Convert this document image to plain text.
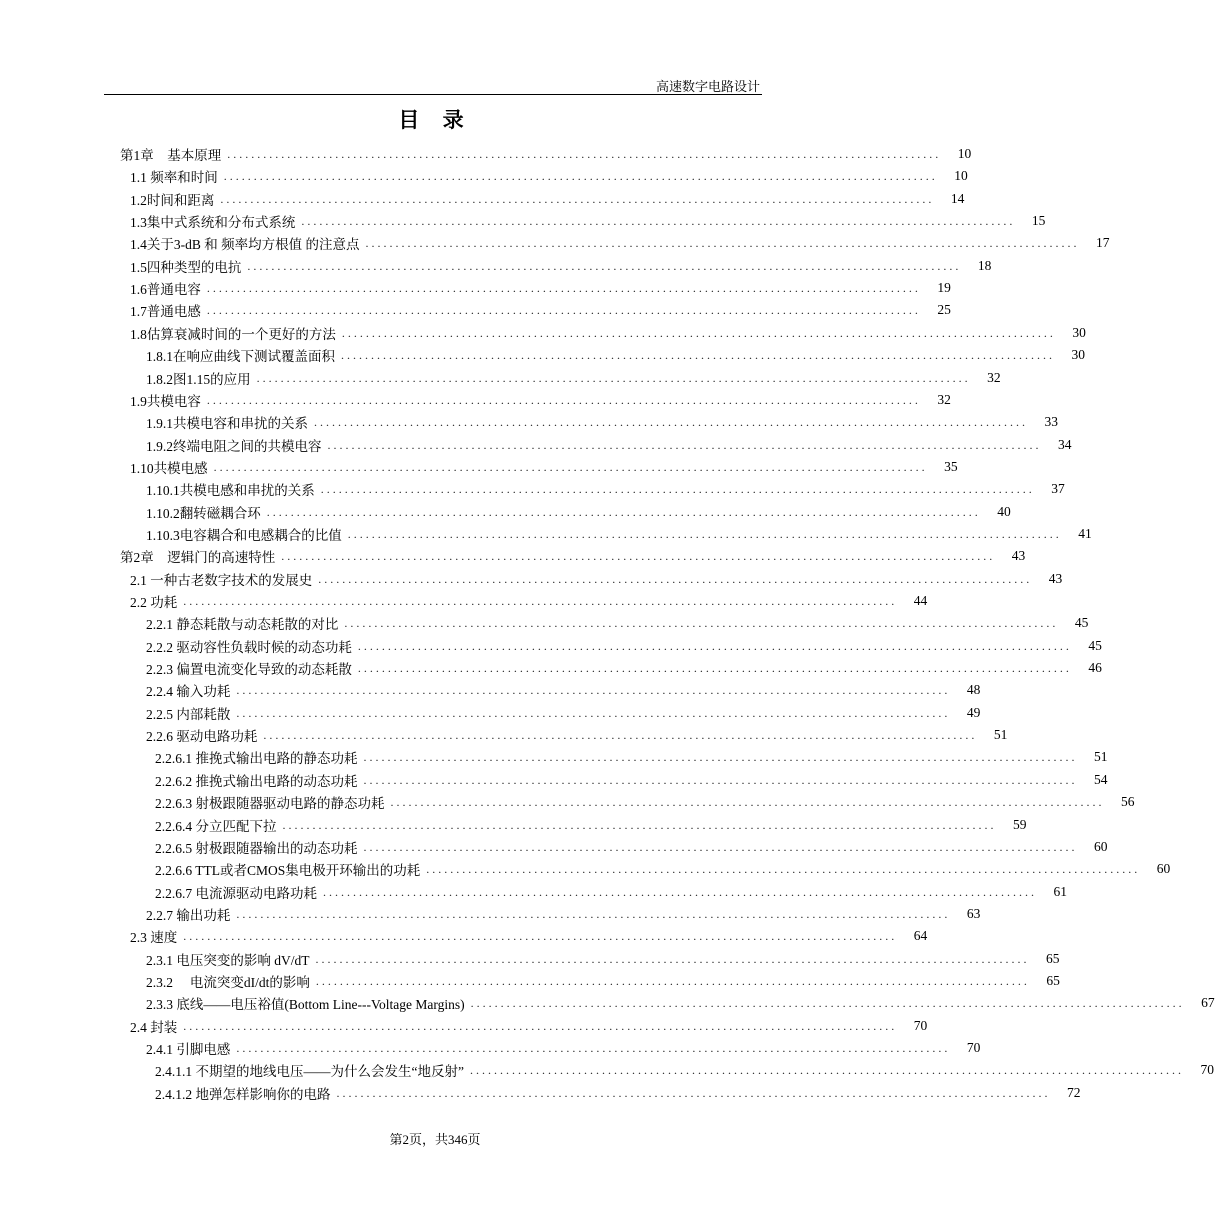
高速数字电路设计
目 录
第1章　基本原理 .......................................................................................................................	10
1.1 频率和时间 .......................................................................................................................	10
1.2时间和距离 .......................................................................................................................	14
1.3集中式系统和分布式系统 .......................................................................................................................	15
1.4关于3-dB 和 频率均方根值 的注意点 .......................................................................................................................	17
1.5四种类型的电抗 .......................................................................................................................	18
1.6普通电容 .......................................................................................................................	19
1.7普通电感 .......................................................................................................................	25
1.8估算衰减时间的一个更好的方法 .......................................................................................................................	30
1.8.1在响应曲线下测试覆盖面积 .......................................................................................................................	30
1.8.2图1.15的应用 .......................................................................................................................	32
1.9共模电容 .......................................................................................................................	32
1.9.1共模电容和串扰的关系 .......................................................................................................................	33
1.9.2终端电阻之间的共模电容 .......................................................................................................................	34
1.10共模电感 .......................................................................................................................	35
1.10.1共模电感和串扰的关系 .......................................................................................................................	37
1.10.2翻转磁耦合环 .......................................................................................................................	40
1.10.3电容耦合和电感耦合的比值 .......................................................................................................................	41
第2章　逻辑门的高速特性 .......................................................................................................................	43
2.1 一种古老数字技术的发展史 .......................................................................................................................	43
2.2 功耗 .......................................................................................................................	44
2.2.1 静态耗散与动态耗散的对比 .......................................................................................................................	45
2.2.2 驱动容性负载时候的动态功耗 .......................................................................................................................	45
2.2.3 偏置电流变化导致的动态耗散 .......................................................................................................................	46
2.2.4 输入功耗 .......................................................................................................................	48
2.2.5 内部耗散 .......................................................................................................................	49
2.2.6 驱动电路功耗 .......................................................................................................................	51
2.2.6.1 推挽式输出电路的静态功耗 .......................................................................................................................	51
2.2.6.2 推挽式输出电路的动态功耗 .......................................................................................................................	54
2.2.6.3 射极跟随器驱动电路的静态功耗 .......................................................................................................................	56
2.2.6.4 分立匹配下拉 .......................................................................................................................	59
2.2.6.5 射极跟随器输出的动态功耗 .......................................................................................................................	60
2.2.6.6 TTL或者CMOS集电极开环输出的功耗 .......................................................................................................................	60
2.2.6.7 电流源驱动电路功耗 .......................................................................................................................	61
2.2.7 输出功耗 .......................................................................................................................	63
2.3 速度 .......................................................................................................................	64
2.3.1 电压突变的影响 dV/dT .......................................................................................................................	65
2.3.2　 电流突变dI/dt的影响 .......................................................................................................................	65
2.3.3 底线——电压裕值(Bottom Line---Voltage Margins) .......................................................................................................................	67
2.4 封装 .......................................................................................................................	70
2.4.1 引脚电感 .......................................................................................................................	70
2.4.1.1 不期望的地线电压——为什么会发生“地反射” .......................................................................................................................	70
2.4.1.2 地弹怎样影响你的电路 .......................................................................................................................	72
第2页，共346页
